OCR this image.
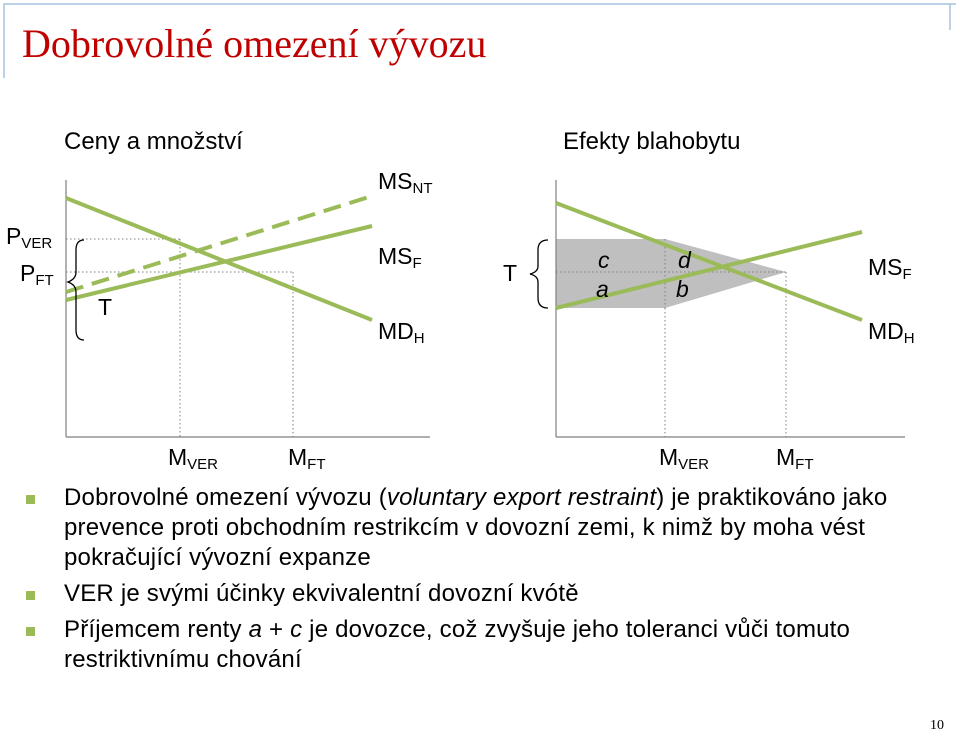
Dobrovolné omezení vývozu
Ceny a množství
$P_{VER}$
$P_{FT}$
T
$MS_{NT}$
$MS_F$
$MD_H$
$M_{VER}$	$M_{FT}$
Efekty blahobytu
T	c
a
d
b
$MS_F$
$MD_H$
$M_{VER}$	$M_{FT}$
Dobrovolné omezení vývozu (voluntary export restraint) je praktikováno jako prevence proti obchodním restrikcím v dovozní zemi, k nimž by moha vést pokračující vývozní expanze
VER je svými účinky ekvivalentní dovozní kvótě
Příjemcem renty a + c je dovozce, což zvyšuje jeho toleranci vůči tomuto restriktivnímu chování
10
